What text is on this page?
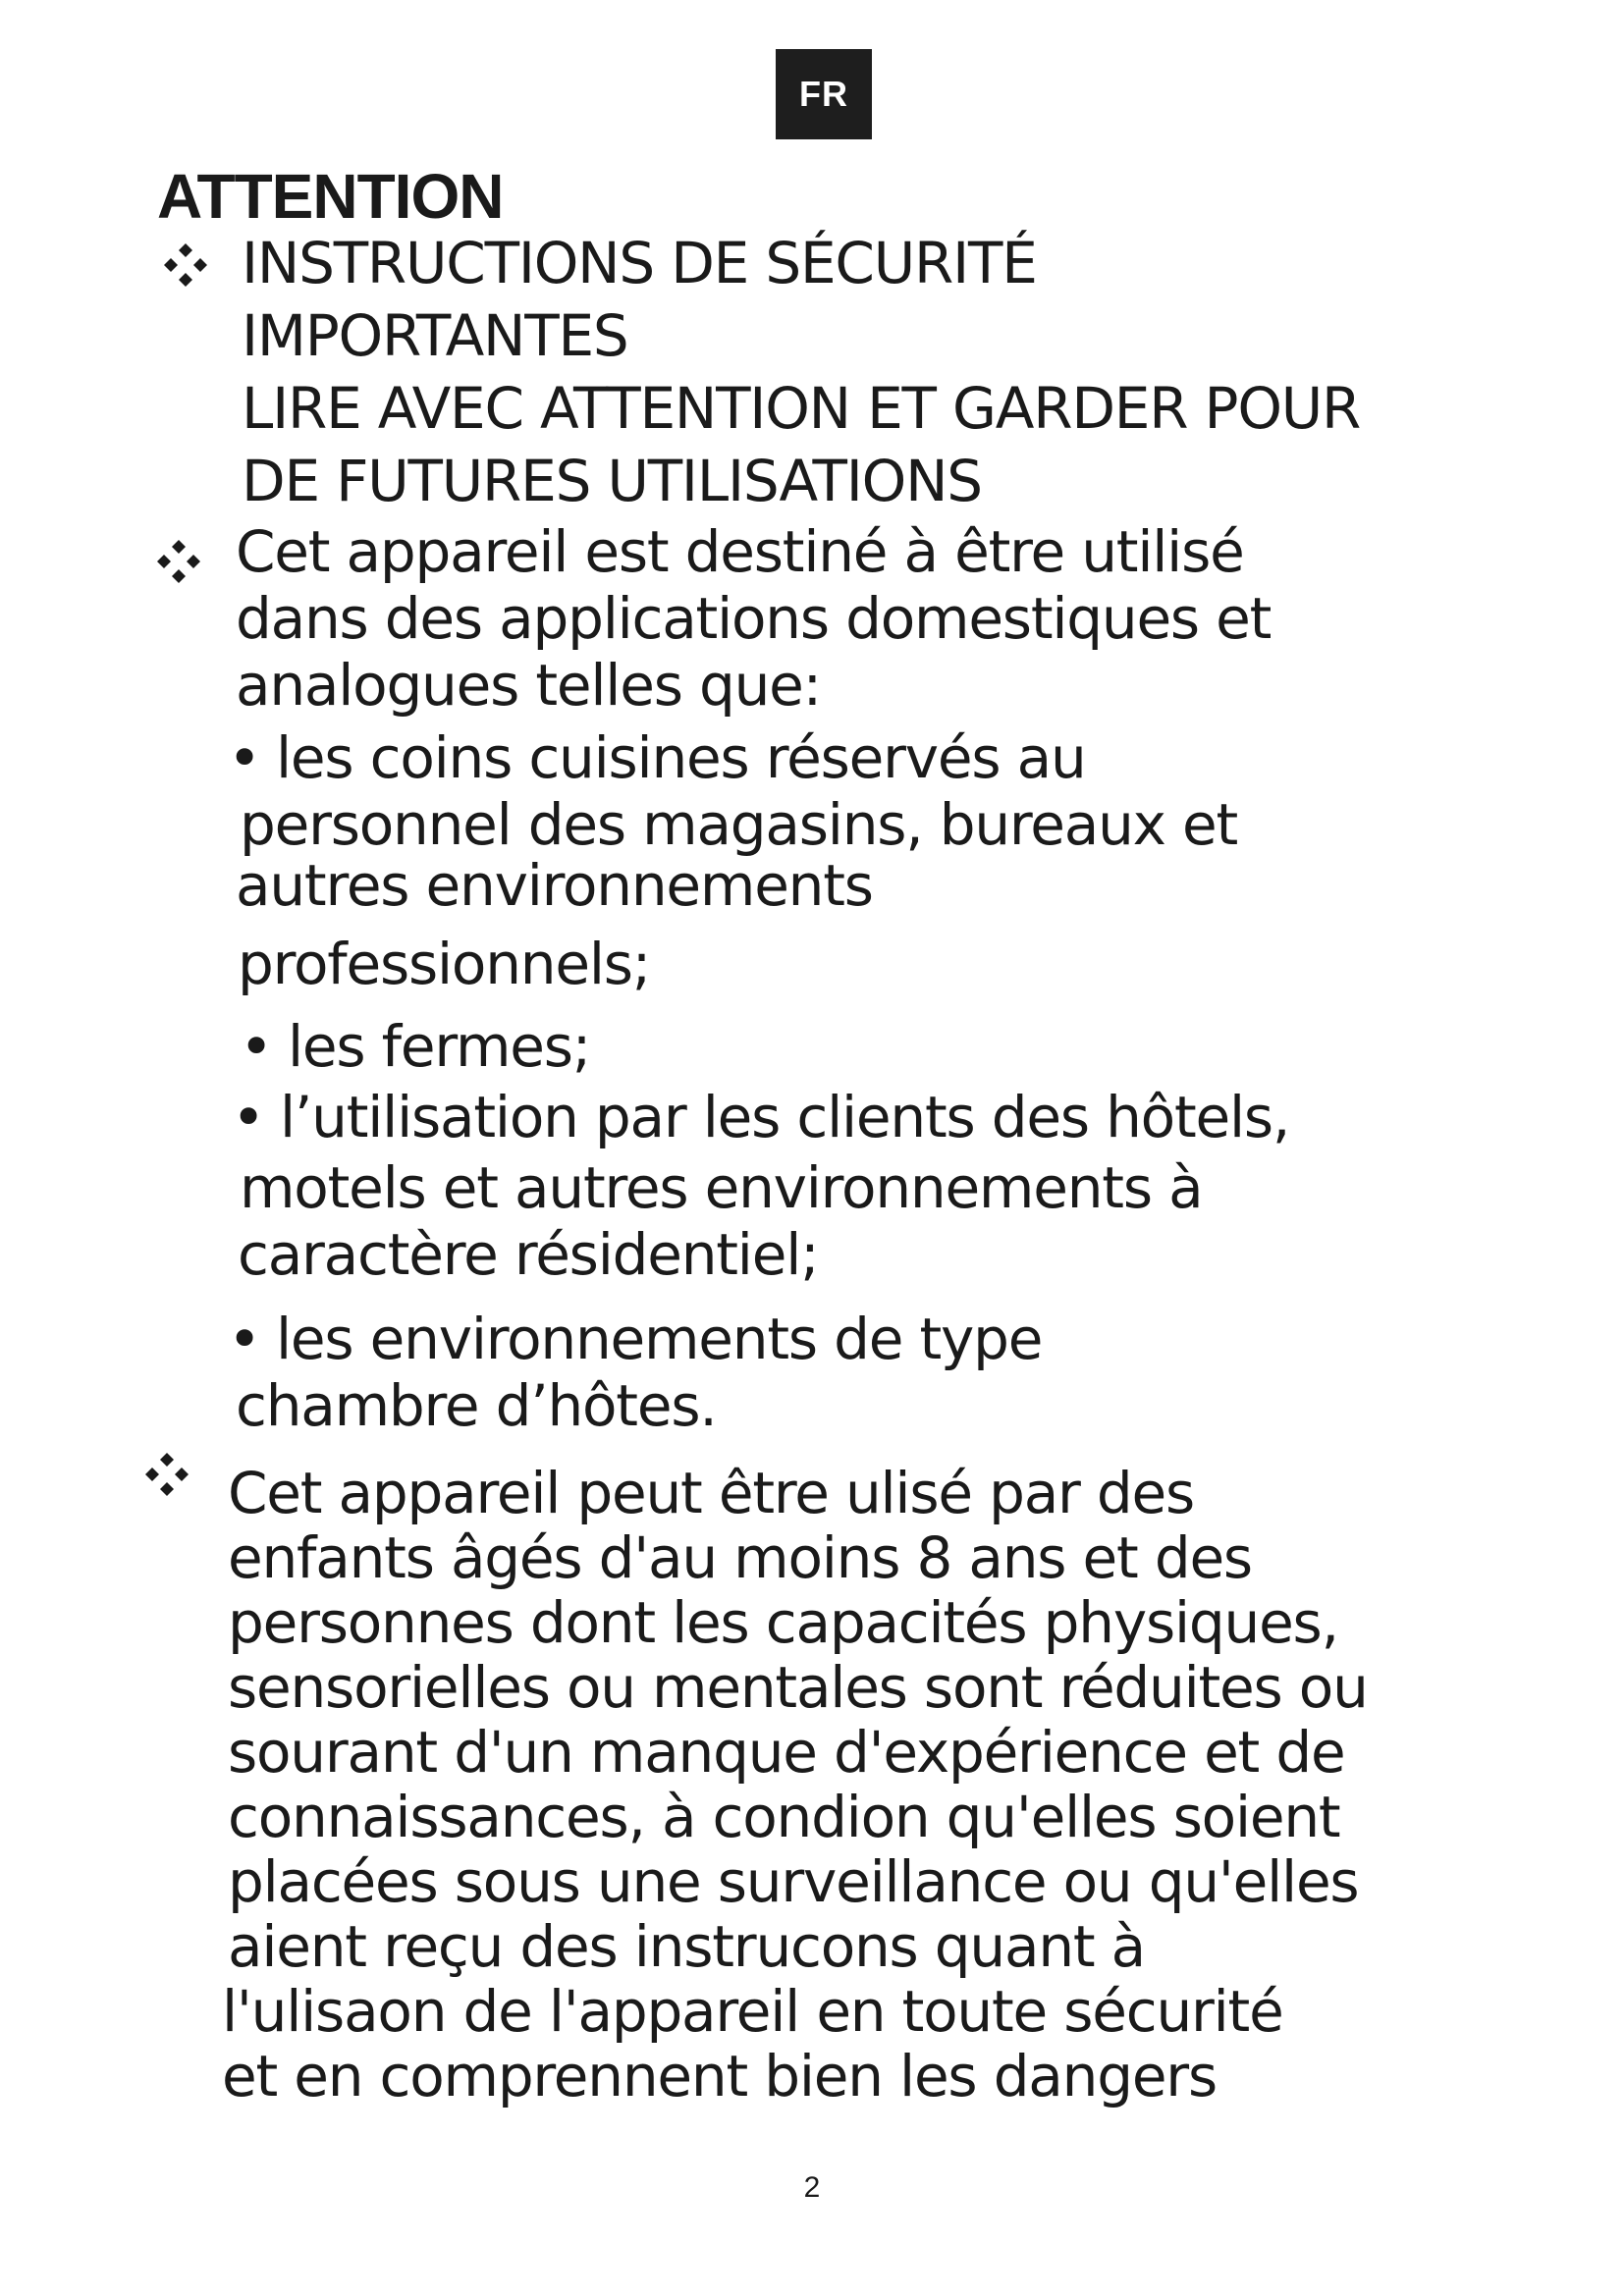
FR
ATTENTION
INSTRUCTIONS DE SÉCURITÉ
IMPORTANTES
LIRE AVEC ATTENTION ET GARDER POUR
DE FUTURES UTILISATIONS
Cet appareil est destiné à être utilisé
dans des applications domestiques et
analogues telles que:
• les coins cuisines réservés au
personnel des magasins, bureaux et
autres environnements
professionnels;
• les fermes;
• l’utilisation par les clients des hôtels,
motels et autres environnements à
caractère résidentiel;
• les environnements de type
chambre d’hôtes.
Cet appareil peut être ulisé par des
enfants âgés d'au moins 8 ans et des
personnes dont les capacités physiques,
sensorielles ou mentales sont réduites ou
sourant d'un manque d'expérience et de
connaissances, à condion qu'elles soient
placées sous une surveillance ou qu'elles
aient reçu des instrucons quant à
l'ulisaon de l'appareil en toute sécurité
et en comprennent bien les dangers
2
